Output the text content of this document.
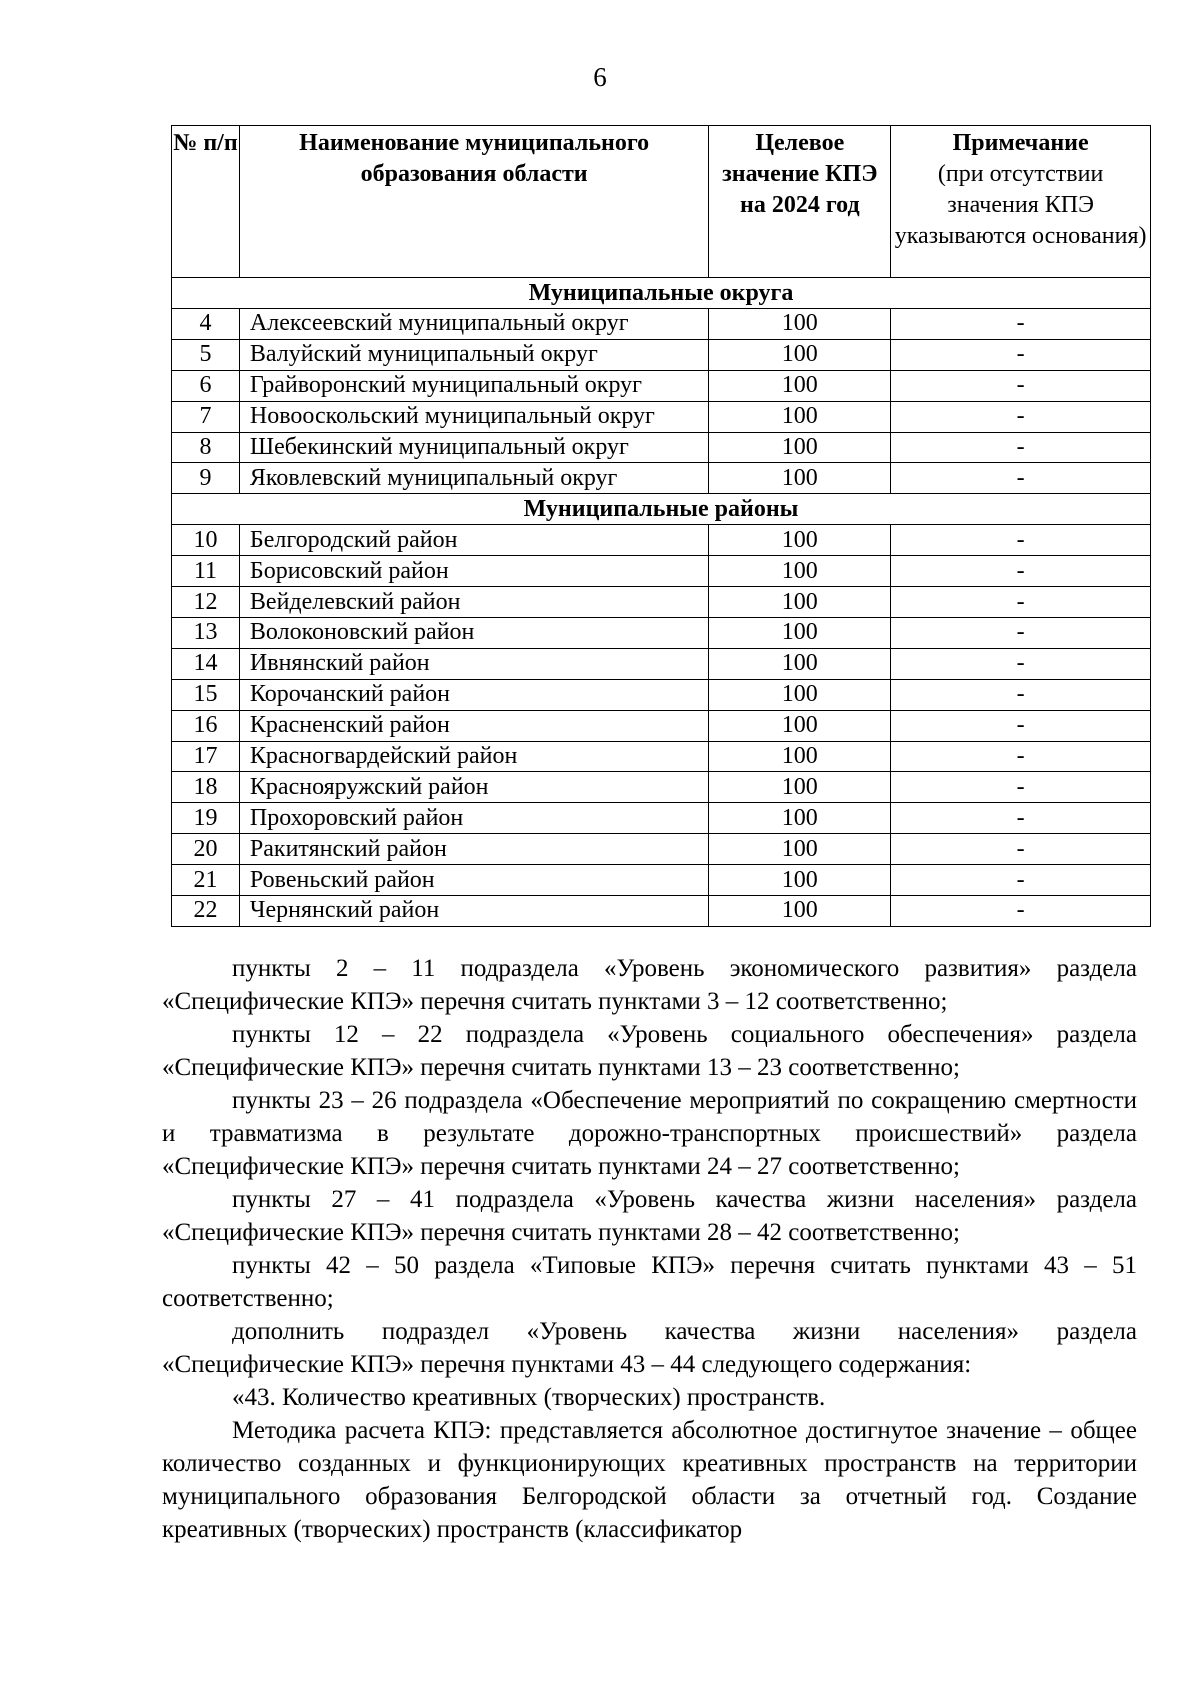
6
№ п/п	Наименование муниципального образования области	Целевое значение КПЭ на 2024 год	Примечание
(при отсутствии значения КПЭ указываются основания)
Муниципальные округа			
4	Алексеевский муниципальный округ	100	-
5	Валуйский муниципальный округ	100	-
6	Грайворонский муниципальный округ	100	-
7	Новооскольский муниципальный округ	100	-
8	Шебекинский муниципальный округ	100	-
9	Яковлевский муниципальный округ	100	-
Муниципальные районы			
10	Белгородский район	100	-
11	Борисовский район	100	-
12	Вейделевский район	100	-
13	Волоконовский район	100	-
14	Ивнянский район	100	-
15	Корочанский район	100	-
16	Красненский район	100	-
17	Красногвардейский район	100	-
18	Краснояружский район	100	-
19	Прохоровский район	100	-
20	Ракитянский район	100	-
21	Ровеньский район	100	-
22	Чернянский район	100	-

пункты 2 – 11 подраздела «Уровень экономического развития» раздела «Специфические КПЭ» перечня считать пунктами 3 – 12 соответственно;

пункты 12 – 22 подраздела «Уровень социального обеспечения» раздела «Специфические КПЭ» перечня считать пунктами 13 – 23 соответственно;

пункты 23 – 26 подраздела «Обеспечение мероприятий по сокращению смертности и травматизма в результате дорожно-транспортных происшествий» раздела «Специфические КПЭ» перечня считать пунктами 24 – 27 соответственно;

пункты 27 – 41 подраздела «Уровень качества жизни населения» раздела «Специфические КПЭ» перечня считать пунктами 28 – 42 соответственно;

пункты 42 – 50 раздела «Типовые КПЭ» перечня считать пунктами 43 – 51 соответственно;

дополнить подраздел «Уровень качества жизни населения» раздела «Специфические КПЭ» перечня пунктами 43 – 44 следующего содержания:

«43. Количество креативных (творческих) пространств.

Методика расчета КПЭ: представляется абсолютное достигнутое значение – общее количество созданных и функционирующих креативных пространств на территории муниципального образования Белгородской области за отчетный год. Создание креативных (творческих) пространств (классификатор
